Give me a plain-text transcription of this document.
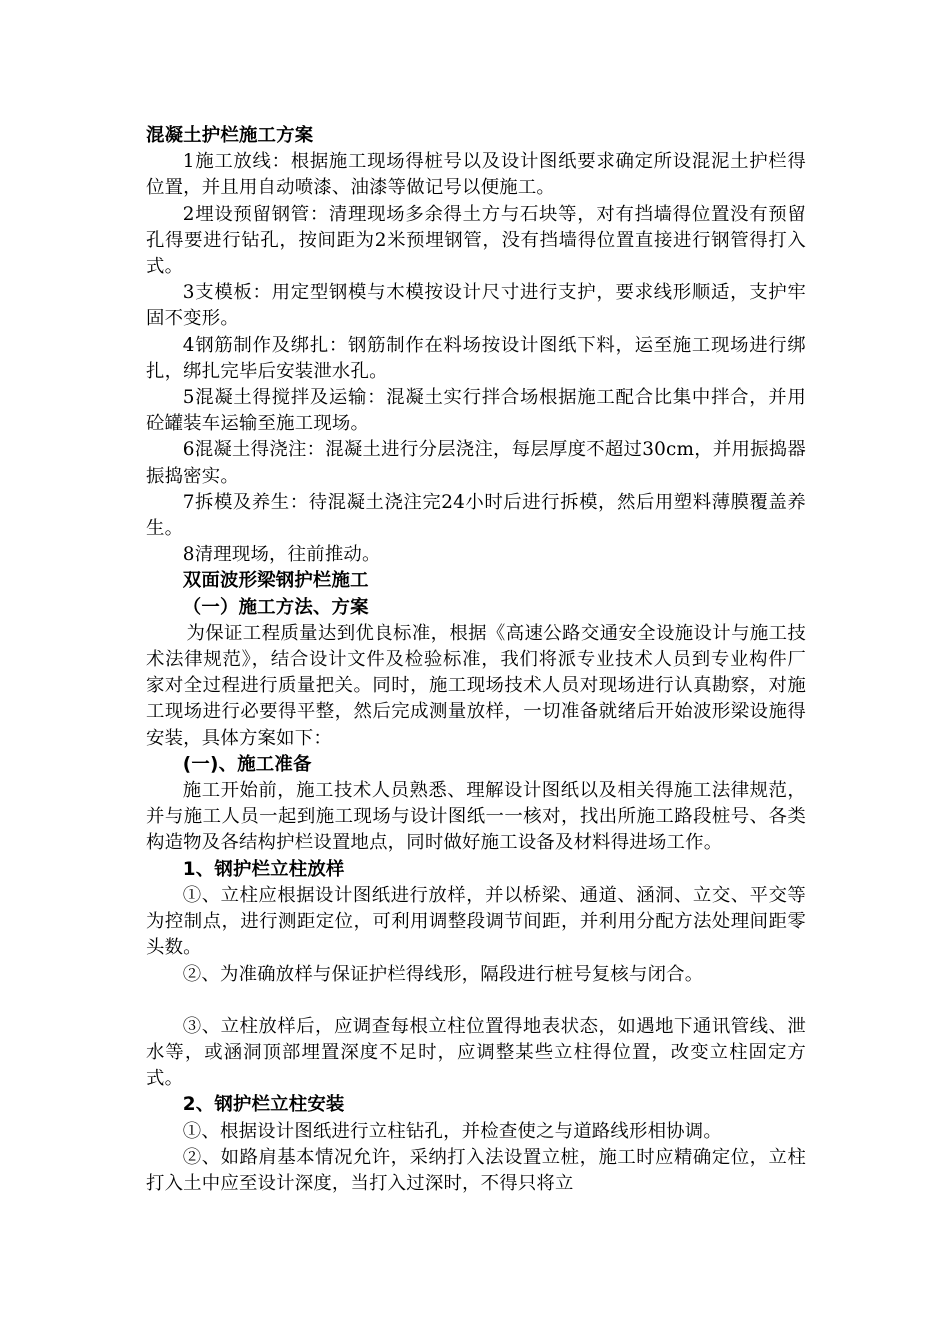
混凝土护栏施工方案

1施工放线：根据施工现场得桩号以及设计图纸要求确定所设混泥土护栏得位置，并且用自动喷漆、油漆等做记号以便施工。

2埋设预留钢管：清理现场多余得土方与石块等，对有挡墙得位置没有预留孔得要进行钻孔，按间距为2米预埋钢管，没有挡墙得位置直接进行钢管得打入式。

3支模板：用定型钢模与木模按设计尺寸进行支护，要求线形顺适，支护牢固不变形。

4钢筋制作及绑扎：钢筋制作在料场按设计图纸下料，运至施工现场进行绑扎，绑扎完毕后安装泄水孔。

5混凝土得搅拌及运输：混凝土实行拌合场根据施工配合比集中拌合，并用砼罐装车运输至施工现场。

6混凝土得浇注：混凝土进行分层浇注，每层厚度不超过30cm，并用振捣器振捣密实。

7拆模及养生：待混凝土浇注完24小时后进行拆模，然后用塑料薄膜覆盖养生。

8清理现场，往前推动。

双面波形梁钢护栏施工

（一）施工方法、方案

为保证工程质量达到优良标准，根据《高速公路交通安全设施设计与施工技术法律规范》，结合设计文件及检验标准，我们将派专业技术人员到专业构件厂家对全过程进行质量把关。同时，施工现场技术人员对现场进行认真勘察，对施工现场进行必要得平整，然后完成测量放样，一切准备就绪后开始波形梁设施得安装，具体方案如下：

(一)、施工准备

施工开始前，施工技术人员熟悉、理解设计图纸以及相关得施工法律规范，并与施工人员一起到施工现场与设计图纸一一核对，找出所施工路段桩号、各类构造物及各结构护栏设置地点，同时做好施工设备及材料得进场工作。

1、钢护栏立柱放样

①、立柱应根据设计图纸进行放样，并以桥梁、通道、涵洞、立交、平交等为控制点，进行测距定位，可利用调整段调节间距，并利用分配方法处理间距零头数。

②、为准确放样与保证护栏得线形，隔段进行桩号复核与闭合。

③、立柱放样后，应调查每根立柱位置得地表状态，如遇地下通讯管线、泄水等，或涵洞顶部埋置深度不足时，应调整某些立柱得位置，改变立柱固定方式。

2、钢护栏立柱安装

①、根据设计图纸进行立柱钻孔，并检查使之与道路线形相协调。

②、如路肩基本情况允许，采纳打入法设置立桩，施工时应精确定位，立柱打入土中应至设计深度，当打入过深时，不得只将立
